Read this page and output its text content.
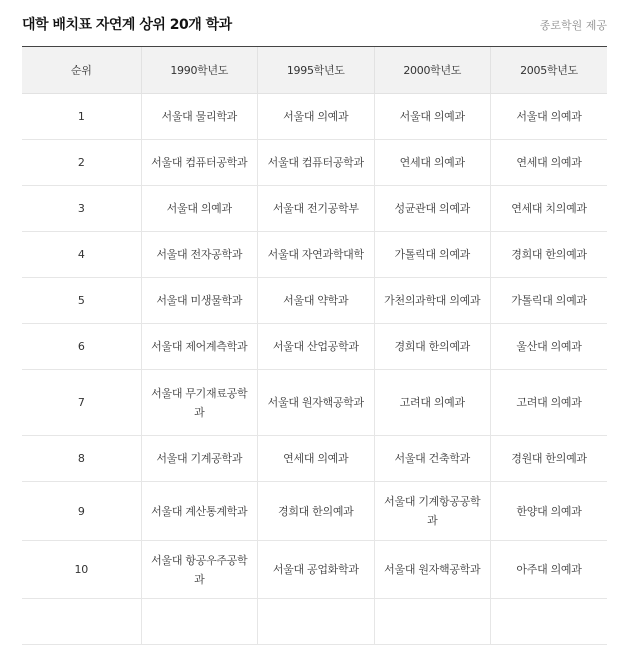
대학 배치표 자연계 상위 20개 학과	종로학원 제공
순위	1990학년도	1995학년도	2000학년도	2005학년도
1	서울대 물리학과	서울대 의예과	서울대 의예과	서울대 의예과
2	서울대 컴퓨터공학과	서울대 컴퓨터공학과	연세대 의예과	연세대 의예과
3	서울대 의예과	서울대 전기공학부	성균관대 의예과	연세대 치의예과
4	서울대 전자공학과	서울대 자연과학대학	가톨릭대 의예과	경희대 한의예과
5	서울대 미생물학과	서울대 약학과	가천의과학대 의예과	가톨릭대 의예과
6	서울대 제어계측학과	서울대 산업공학과	경희대 한의예과	울산대 의예과
7	서울대 무기재료공학과	서울대 원자핵공학과	고려대 의예과	고려대 의예과
8	서울대 기계공학과	연세대 의예과	서울대 건축학과	경원대 한의예과
9	서울대 계산통계학과	경희대 한의예과	서울대 기계항공공학과	한양대 의예과
10	서울대 항공우주공학과	서울대 공업화학과	서울대 원자핵공학과	아주대 의예과
